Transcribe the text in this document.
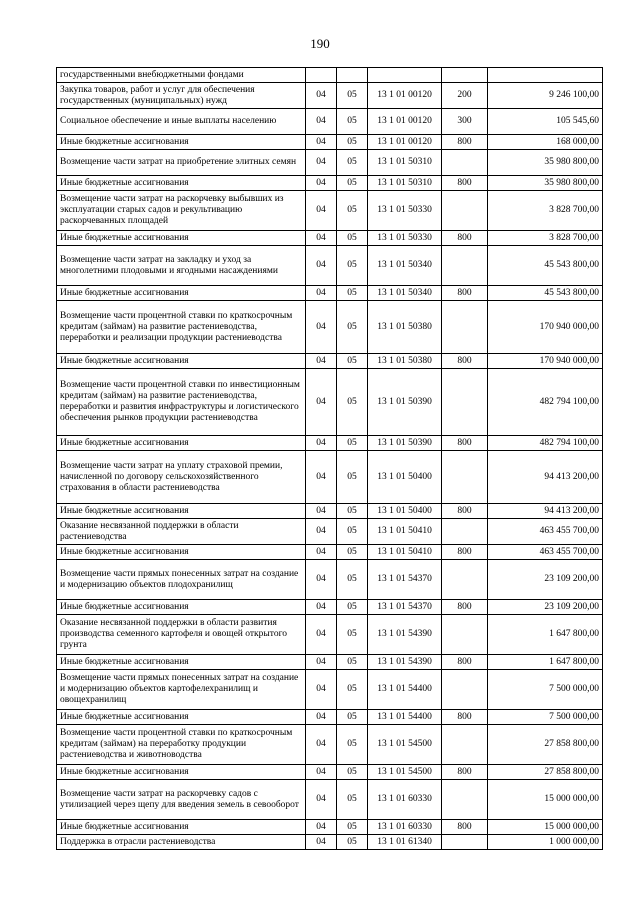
190
государственными внебюджетными фондами					
Закупка товаров, работ и услуг для обеспечения государственных (муниципальных) нужд	04	05	13 1 01 00120	200	9 246 100,00
Социальное обеспечение и иные выплаты населению	04	05	13 1 01 00120	300	105 545,60
Иные бюджетные ассигнования	04	05	13 1 01 00120	800	168 000,00
Возмещение части затрат на приобретение элитных семян	04	05	13 1 01 50310		35 980 800,00
Иные бюджетные ассигнования	04	05	13 1 01 50310	800	35 980 800,00
Возмещение части затрат на раскорчевку выбывших из эксплуатации старых садов и рекультивацию раскорчеванных площадей	04	05	13 1 01 50330		3 828 700,00
Иные бюджетные ассигнования	04	05	13 1 01 50330	800	3 828 700,00
Возмещение части затрат на закладку и уход за многолетними плодовыми и ягодными насаждениями	04	05	13 1 01 50340		45 543 800,00
Иные бюджетные ассигнования	04	05	13 1 01 50340	800	45 543 800,00
Возмещение части процентной ставки по краткосрочным кредитам (займам) на развитие растениеводства, переработки и реализации продукции растениеводства	04	05	13 1 01 50380		170 940 000,00
Иные бюджетные ассигнования	04	05	13 1 01 50380	800	170 940 000,00
Возмещение части процентной ставки по инвестиционным кредитам (займам) на развитие растениеводства, переработки и развития инфраструктуры и логистического обеспечения рынков продукции растениеводства	04	05	13 1 01 50390		482 794 100,00
Иные бюджетные ассигнования	04	05	13 1 01 50390	800	482 794 100,00
Возмещение части затрат на уплату страховой премии, начисленной по договору сельскохозяйственного страхования в области растениеводства	04	05	13 1 01 50400		94 413 200,00
Иные бюджетные ассигнования	04	05	13 1 01 50400	800	94 413 200,00
Оказание несвязанной поддержки в области растениеводства	04	05	13 1 01 50410		463 455 700,00
Иные бюджетные ассигнования	04	05	13 1 01 50410	800	463 455 700,00
Возмещение части прямых понесенных затрат на создание и модернизацию объектов плодохранилищ	04	05	13 1 01 54370		23 109 200,00
Иные бюджетные ассигнования	04	05	13 1 01 54370	800	23 109 200,00
Оказание несвязанной поддержки в области развития производства семенного картофеля и овощей открытого грунта	04	05	13 1 01 54390		1 647 800,00
Иные бюджетные ассигнования	04	05	13 1 01 54390	800	1 647 800,00
Возмещение части прямых понесенных затрат на создание и модернизацию объектов картофелехранилищ и овощехранилищ	04	05	13 1 01 54400		7 500 000,00
Иные бюджетные ассигнования	04	05	13 1 01 54400	800	7 500 000,00
Возмещение части процентной ставки по краткосрочным кредитам (займам) на переработку продукции растениеводства и животноводства	04	05	13 1 01 54500		27 858 800,00
Иные бюджетные ассигнования	04	05	13 1 01 54500	800	27 858 800,00
Возмещение части затрат на раскорчевку садов с утилизацией через щепу для введения земель в севооборот	04	05	13 1 01 60330		15 000 000,00
Иные бюджетные ассигнования	04	05	13 1 01 60330	800	15 000 000,00
Поддержка в отрасли растениеводства	04	05	13 1 01 61340		1 000 000,00
